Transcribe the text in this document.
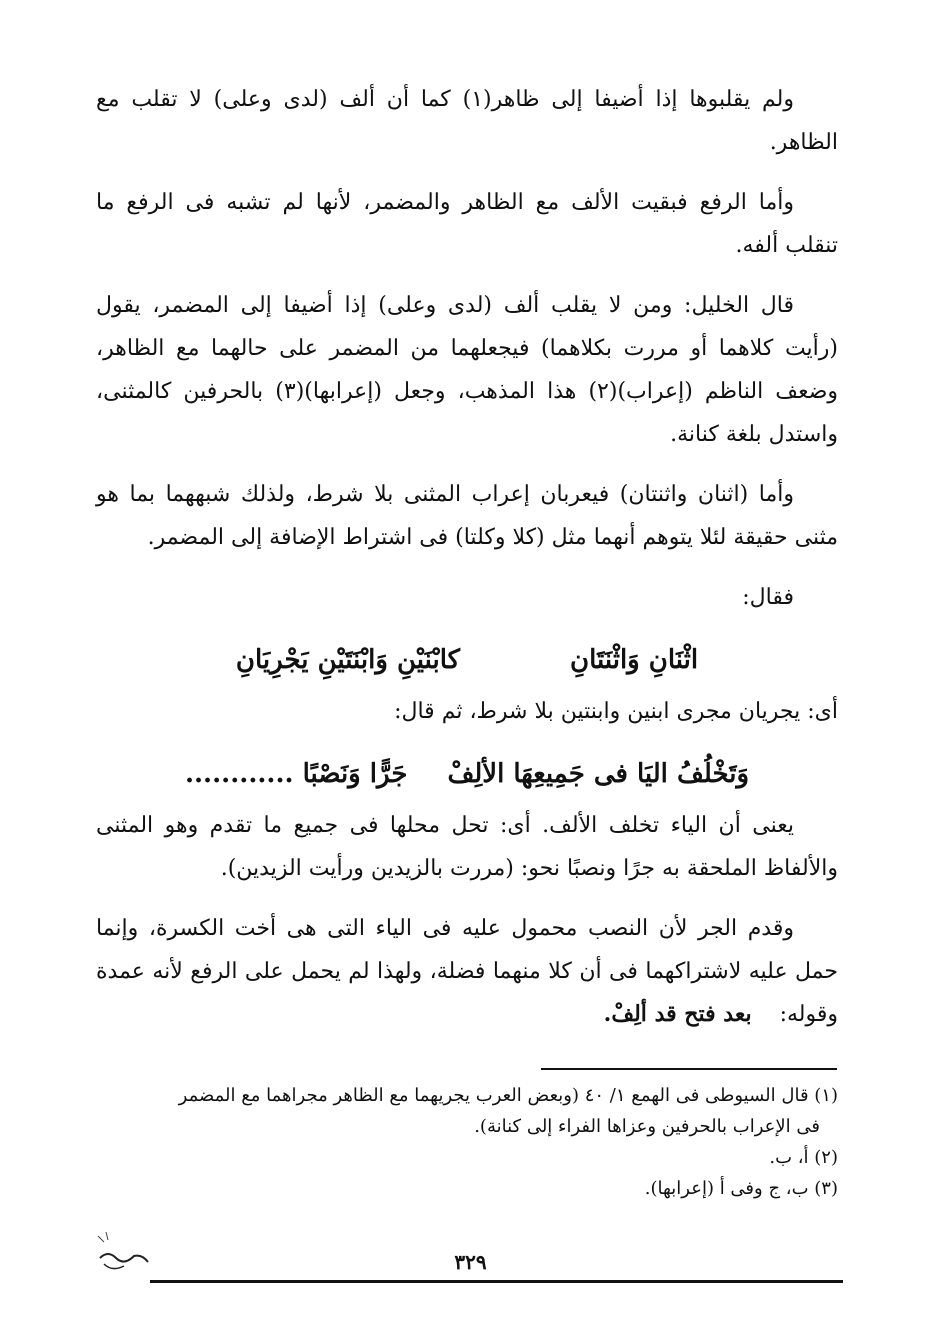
ولم يقلبوها إذا أضيفا إلى ظاهر(١) كما أن ألف (لدى وعلى) لا تقلب مع الظاهر.

وأما الرفع فبقيت الألف مع الظاهر والمضمر، لأنها لم تشبه فى الرفع ما تنقلب ألفه.

قال الخليل: ومن لا يقلب ألف (لدى وعلى) إذا أضيفا إلى المضمر، يقول (رأيت كلاهما أو مررت بكلاهما) فيجعلهما من المضمر على حالهما مع الظاهر، وضعف الناظم (إعراب)(٢) هذا المذهب، وجعل (إعرابها)(٣) بالحرفين كالمثنى، واستدل بلغة كنانة.

وأما (اثنان واثنتان) فيعربان إعراب المثنى بلا شرط، ولذلك شبههما بما هو مثنى حقيقة لئلا يتوهم أنهما مثل (كلا وكلتا) فى اشتراط الإضافة إلى المضمر.

فقال:

اثْنَانِ وَاثْنَتَانِ
كابْنَيْنِ وَابْنَتَيْنِ يَجْرِيَانِ

أى: يجريان مجرى ابنين وابنتين بلا شرط، ثم قال:

وَتَخْلُفُ اليَا فى جَمِيعِهَا الألِفْ
جَرًّا وَنَصْبًا ............

يعنى أن الياء تخلف الألف. أى: تحل محلها فى جميع ما تقدم وهو المثنى والألفاظ الملحقة به جرًا ونصبًا نحو: (مررت بالزيدين ورأيت الزيدين).

وقدم الجر لأن النصب محمول عليه فى الياء التى هى أخت الكسرة، وإنما حمل عليه لاشتراكهما فى أن كلا منهما فضلة، ولهذا لم يحمل على الرفع لأنه عمدة وقوله:    بعد فتح قد ألِفْ.

(١) قال السيوطى فى الهمع ١/ ٤٠ (وبعض العرب يجريهما مع الظاهر مجراهما مع المضمر

فى الإعراب بالحرفين وعزاها الفراء إلى كنانة).

(٢) أ، ب.

(٣) ب، ج وفى أ (إعرابها).

٣٢٩
